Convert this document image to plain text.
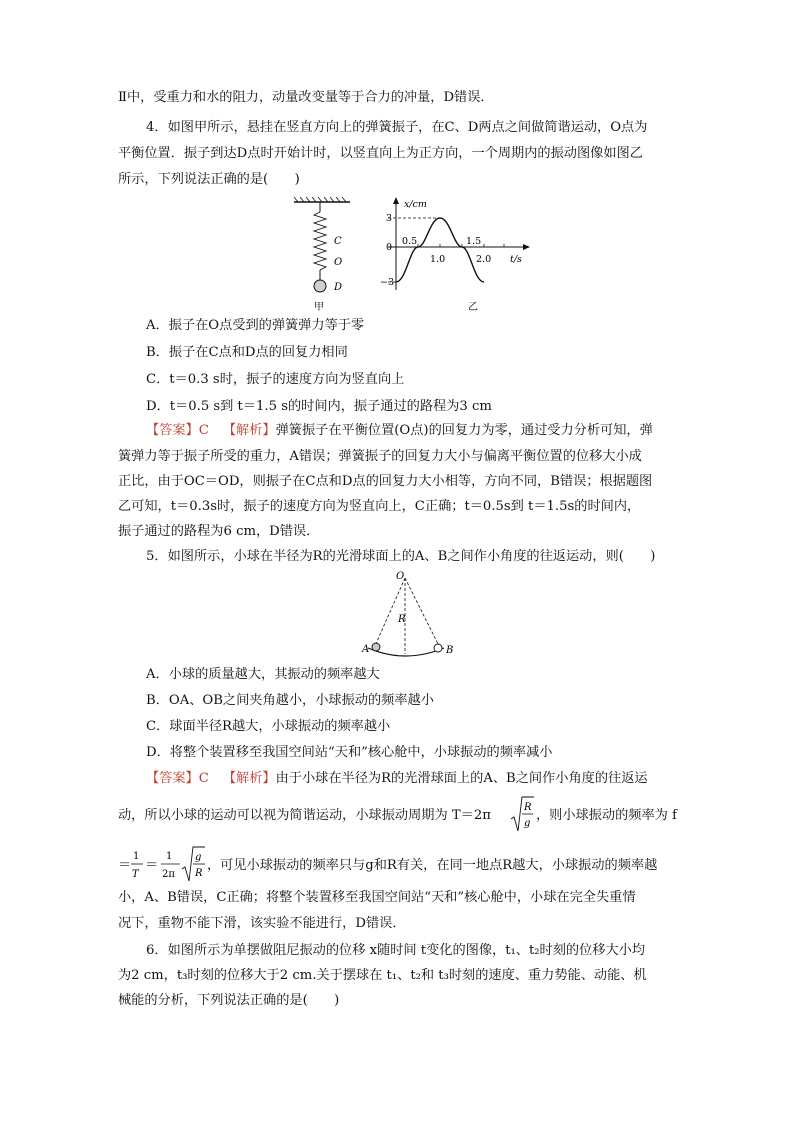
Ⅱ中，受重力和水的阻力，动量改变量等于合力的冲量，D错误．
4．如图甲所示，悬挂在竖直方向上的弹簧振子，在C、D两点之间做简谐运动，O点为
平衡位置．振子到达D点时开始计时，以竖直向上为正方向，一个周期内的振动图像如图乙
所示，下列说法正确的是(　　)
C
O
D
甲
x/cm
t/s
3
0
−3
0.5
1.0
1.5
2.0
乙
A．振子在O点受到的弹簧弹力等于零
B．振子在C点和D点的回复力相同
C．t＝0.3 s时，振子的速度方向为竖直向上
D．t＝0.5 s到 t＝1.5 s的时间内，振子通过的路程为3 cm
【答案】C 【解析】弹簧振子在平衡位置(O点)的回复力为零，通过受力分析可知，弹
簧弹力等于振子所受的重力，A错误；弹簧振子的回复力大小与偏离平衡位置的位移大小成
正比，由于OC＝OD，则振子在C点和D点的回复力大小相等，方向不同，B错误；根据题图
乙可知，t＝0.3s时，振子的速度方向为竖直向上，C正确；t＝0.5s到 t＝1.5s的时间内，
振子通过的路程为6 cm，D错误．
5．如图所示，小球在半径为R的光滑球面上的A、B之间作小角度的往返运动，则(　　)
O
R
A	B
A．小球的质量越大，其振动的频率越大
B．OA、OB之间夹角越小，小球振动的频率越小
C．球面半径R越大，小球振动的频率越小
D．将整个装置移至我国空间站“天和”核心舱中，小球振动的频率减小
【答案】C 【解析】由于小球在半径为R的光滑球面上的A、B之间作小角度的往返运
动，所以小球的运动可以视为简谐运动，小球振动周期为 T＝2π
R
g
，则小球振动的频率为 f
＝
1
T
＝
1
2π
g
R
，可见小球振动的频率只与g和R有关，在同一地点R越大，小球振动的频率越
小，A、B错误，C正确；将整个装置移至我国空间站“天和”核心舱中，小球在完全失重情
况下，重物不能下滑，该实验不能进行，D错误．
6．如图所示为单摆做阻尼振动的位移 x随时间 t变化的图像，t₁、t₂时刻的位移大小均
为2 cm，t₃时刻的位移大于2 cm.关于摆球在 t₁、t₂和 t₃时刻的速度、重力势能、动能、机
械能的分析，下列说法正确的是(　　)
